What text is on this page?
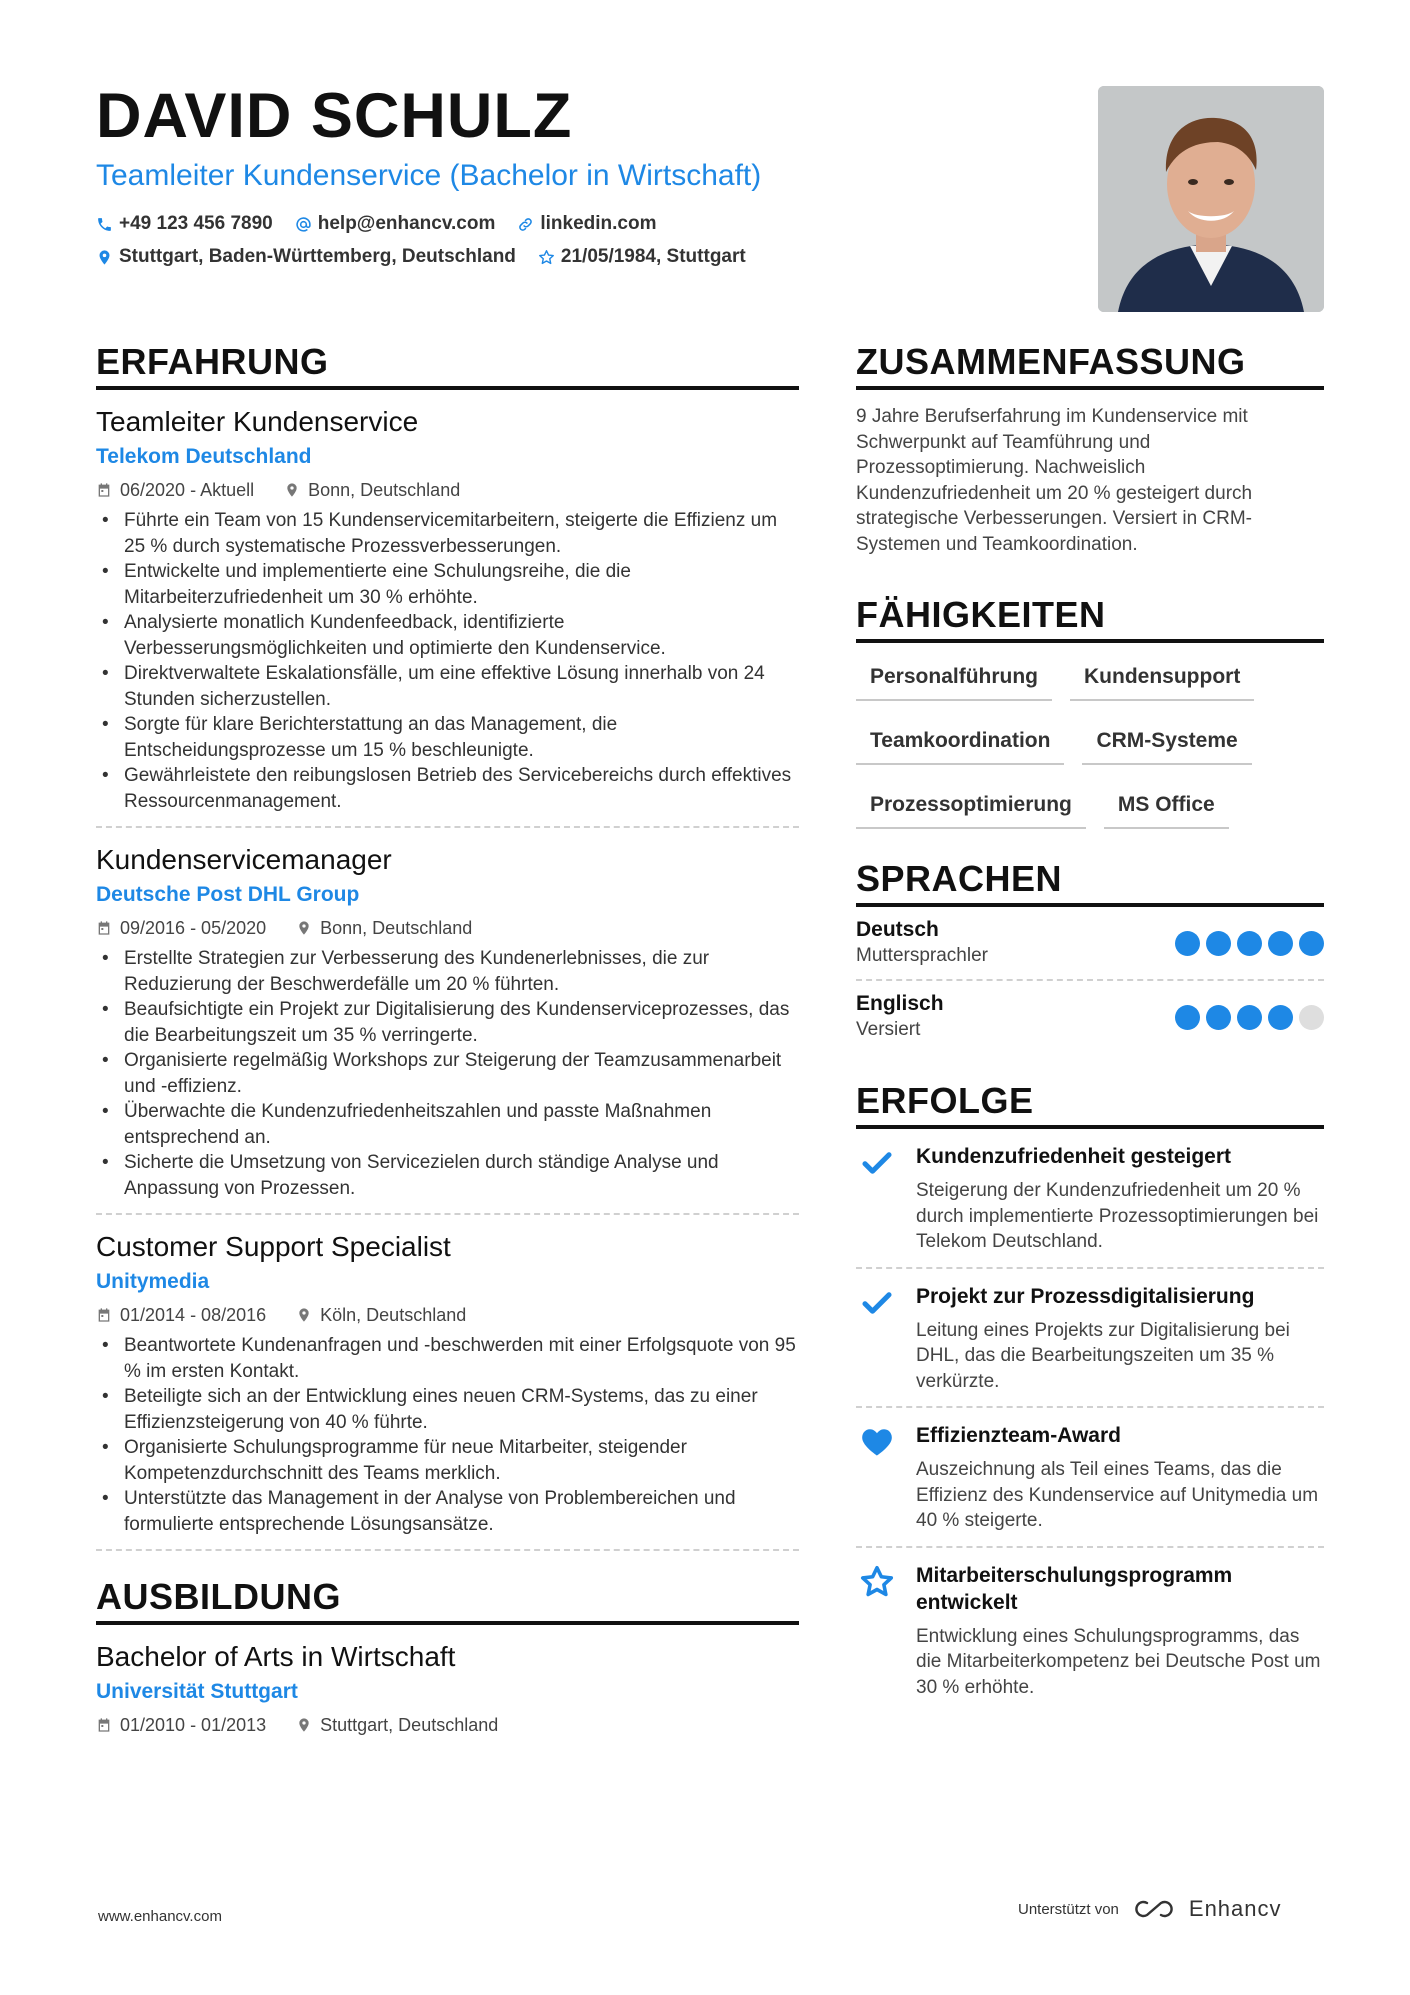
DAVID SCHULZ
Teamleiter Kundenservice (Bachelor in Wirtschaft)
+49 123 456 7890 help@enhancv.com linkedin.com
Stuttgart, Baden-Württemberg, Deutschland 21/05/1984, Stuttgart
ERFAHRUNG
Teamleiter Kundenservice
Telekom Deutschland
06/2020 - Aktuell	Bonn, Deutschland
• Führte ein Team von 15 Kundenservicemitarbeitern, steigerte die Effizienz um 25 % durch systematische Prozessverbesserungen.
• Entwickelte und implementierte eine Schulungsreihe, die die Mitarbeiterzufriedenheit um 30 % erhöhte.
• Analysierte monatlich Kundenfeedback, identifizierte Verbesserungsmöglichkeiten und optimierte den Kundenservice.
• Direktverwaltete Eskalationsfälle, um eine effektive Lösung innerhalb von 24 Stunden sicherzustellen.
• Sorgte für klare Berichterstattung an das Management, die Entscheidungsprozesse um 15 % beschleunigte.
• Gewährleistete den reibungslosen Betrieb des Servicebereichs durch effektives Ressourcenmanagement.
Kundenservicemanager
Deutsche Post DHL Group
09/2016 - 05/2020	Bonn, Deutschland
• Erstellte Strategien zur Verbesserung des Kundenerlebnisses, die zur Reduzierung der Beschwerdefälle um 20 % führten.
• Beaufsichtigte ein Projekt zur Digitalisierung des Kundenserviceprozesses, das die Bearbeitungszeit um 35 % verringerte.
• Organisierte regelmäßig Workshops zur Steigerung der Teamzusammenarbeit und -effizienz.
• Überwachte die Kundenzufriedenheitszahlen und passte Maßnahmen entsprechend an.
• Sicherte die Umsetzung von Servicezielen durch ständige Analyse und Anpassung von Prozessen.
Customer Support Specialist
Unitymedia
01/2014 - 08/2016	Köln, Deutschland
• Beantwortete Kundenanfragen und -beschwerden mit einer Erfolgsquote von 95 % im ersten Kontakt.
• Beteiligte sich an der Entwicklung eines neuen CRM-Systems, das zu einer Effizienzsteigerung von 40 % führte.
• Organisierte Schulungsprogramme für neue Mitarbeiter, steigender Kompetenzdurchschnitt des Teams merklich.
• Unterstützte das Management in der Analyse von Problembereichen und formulierte entsprechende Lösungsansätze.
AUSBILDUNG
Bachelor of Arts in Wirtschaft
Universität Stuttgart
01/2010 - 01/2013	Stuttgart, Deutschland
ZUSAMMENFASSUNG
9 Jahre Berufserfahrung im Kundenservice mit Schwerpunkt auf Teamführung und Prozessoptimierung. Nachweislich Kundenzufriedenheit um 20 % gesteigert durch strategische Verbesserungen. Versiert in CRM-Systemen und Teamkoordination.
FÄHIGKEITEN
Personalführung	Kundensupport
Teamkoordination	CRM-Systeme
Prozessoptimierung	MS Office
SPRACHEN
Deutsch
Muttersprachler
Englisch
Versiert
ERFOLGE
Kundenzufriedenheit gesteigert
Steigerung der Kundenzufriedenheit um 20 % durch implementierte Prozessoptimierungen bei Telekom Deutschland.
Projekt zur Prozessdigitalisierung
Leitung eines Projekts zur Digitalisierung bei DHL, das die Bearbeitungszeiten um 35 % verkürzte.
Effizienzteam-Award
Auszeichnung als Teil eines Teams, das die Effizienz des Kundenservice auf Unitymedia um 40 % steigerte.
Mitarbeiterschulungsprogramm entwickelt
Entwicklung eines Schulungsprogramms, das die Mitarbeiterkompetenz bei Deutsche Post um 30 % erhöhte.
www.enhancv.com	Unterstützt von	Enhancv
